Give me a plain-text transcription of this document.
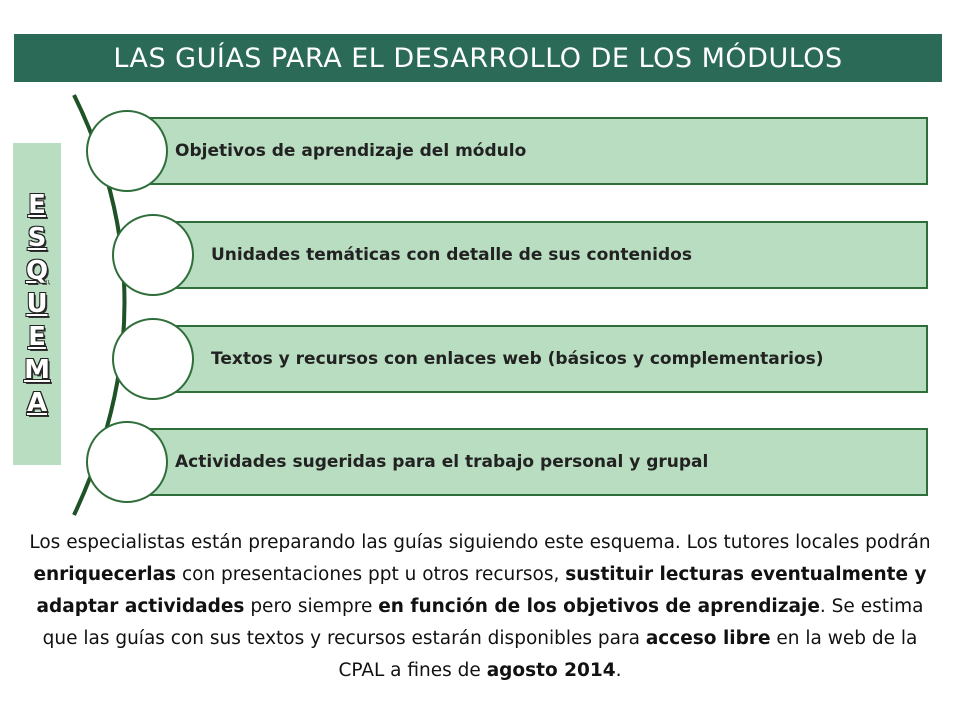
LAS GUÍAS PARA EL DESARROLLO DE LOS MÓDULOS
E
S
Q
U
E
M
A
Objetivos de aprendizaje del módulo
Unidades temáticas con detalle de sus contenidos
Textos y recursos con enlaces web (básicos y complementarios)
Actividades sugeridas para el trabajo personal y grupal
Los especialistas están preparando las guías siguiendo este esquema. Los tutores locales podrán enriquecerlas con presentaciones ppt u otros recursos, sustituir lecturas eventualmente y adaptar actividades pero siempre en función de los objetivos de aprendizaje. Se estima que las guías con sus textos y recursos estarán disponibles para acceso libre en la web de la CPAL a fines de agosto 2014.
